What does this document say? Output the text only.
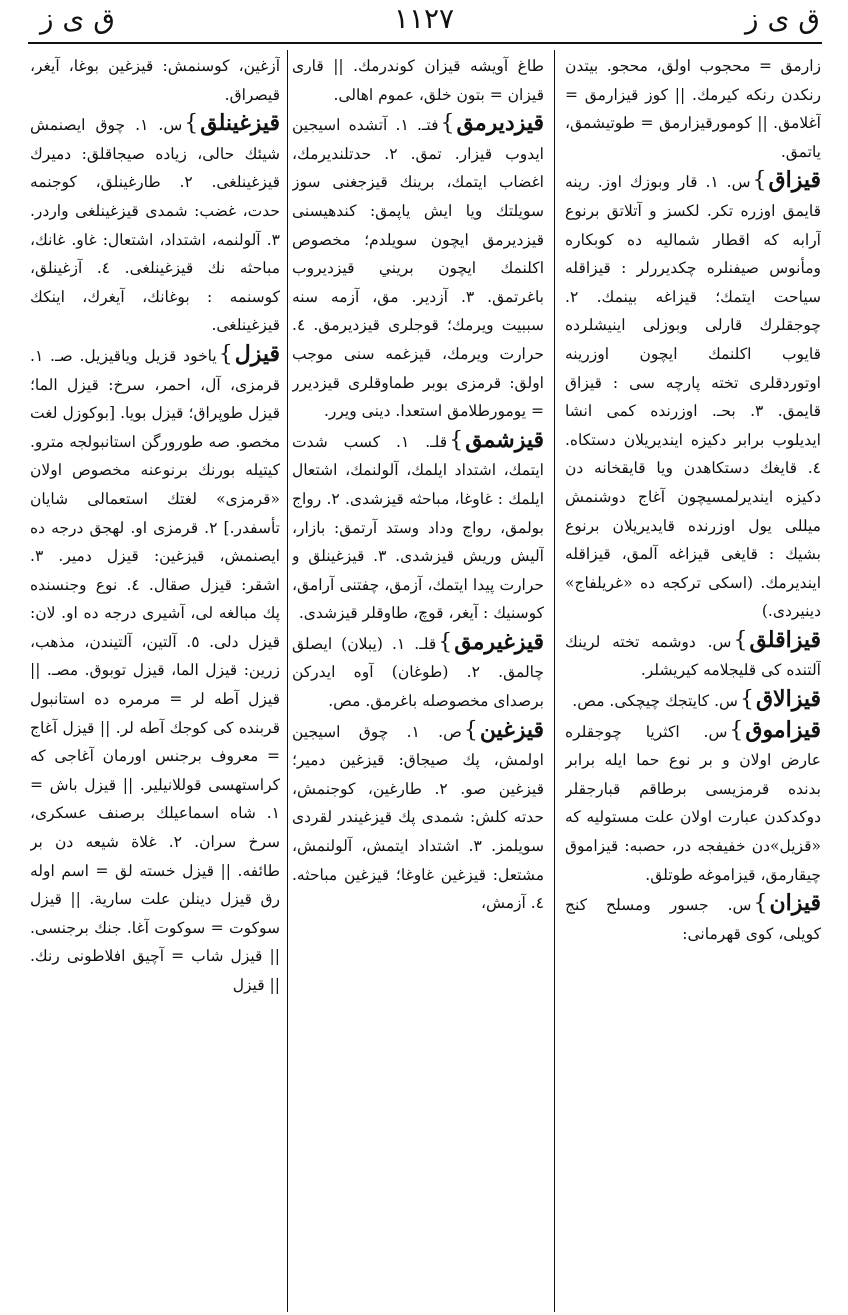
ق ى ز	١١٢٧	ق ى ز

زارمق = محجوب اولق، محجو. بيتدن رنكدن رنكه كيرمك. || كوز قيزارمق = آغلامق. || كومورقيزارمق = طوتيشمق، ياتمق.

قيزاق}س. ١. قار وبوزك اوز. رينه قايمق اوزره تكر. لكسز و آتلاتق برنوع آرابه كه اقطار شماليه ده كوبكاره ومأنوس صيفنلره چكديررلر : قيزاقله سياحت ايتمك؛ قيزاغه بينمك. ٢. چوجقلرك قارلى وبوزلى اينيشلرده قايوب اكلنمك ايچون اوزرينه اوتوردقلرى تخته پارچه سى : قيزاق قايمق. ٣. بحـ. اوزرنده كمى انشا ايديلوب برابر دكيزه اينديريلان دستكاه. ٤. قايغك دستكاهدن ويا قايقخانه دن دكيزه اينديرلمسيچون آغاج دوشنمش ميللى يول اوزرنده قايديريلان برنوع بشيك : قايغى قيزاغه آلمق، قيزاقله اينديرمك. (اسكى تركجه ده «غريلفاج» دينيردى.)

قيزاقلق}س. دوشمه تخته لرينك آلتنده كى قليجلامه كيريشلر.

قيزالاق}س. كايتجك چيچكى. مص.

قيزاموق}س. اكثريا چوجقلره عارض اولان و بر نوع حما ايله برابر بدنده قرمزيسى برطاقم قبارجقلر دوكدكدن عبارت اولان علت مستوليه كه «قزيل»دن خفيفجه در، حصبه: قيزاموق چيقارمق، قيزاموغه طوتلق.

قيزان}س. جسور ومسلح كنج كويلى، كوى قهرمانى:

طاغ آويشه قيزان كوندرمك. || قارى قيزان = بتون خلق، عموم اهالى.

قيزديرمق}فتـ. ١. آتشده اسيجين ايدوب قيزار. تمق. ٢. حدتلنديرمك، اغضاب ايتمك، برينك قيزجغنى سوز سويلتك ويا ايش ياپمق: كندهيسنى قيزديرمق ايچون سويلدم؛ مخصوص اكلنمك ايچون بريني قيزديروب باغرتمق. ٣. آزدير. مق، آزمه سنه سببيت ويرمك؛ قوجلرى قيزديرمق. ٤. حرارت ويرمك، قيزغمه سنى موجب اولق: قرمزى بوبر طماوقلرى قيزديرر = يومورطلامق استعدا. دينى ويرر.

قيزشمق}قلـ. ١. كسب شدت ايتمك، اشتداد ايلمك، آلولنمك، اشتعال ايلمك : غاوغا، مباحثه قيزشدى. ٢. رواج بولمق، رواج وداد وستد آرتمق: بازار، آليش وريش قيزشدى. ٣. قيزغينلق و حرارت پيدا ايتمك، آزمق، چفتنى آرامق، كوسنيك : آيغر، قوچ، طاوقلر قيزشدى.

قيزغيرمق}قلـ. ١. (يبلان) ايصلق چالمق. ٢. (طوغان) آوه ايدركن برصداى مخصوصله باغرمق. مص.

قيزغين}ص. ١. چوق اسيجين اولمش، پك صيجاق: قيزغين دمير؛ قيزغين صو. ٢. طارغين، كوجنمش، حدته كلش: شمدى پك قيزغيندر لقردى سويلمز. ٣. اشتداد ايتمش، آلولنمش، مشتعل: قيزغين غاوغا؛ قيزغين مباحثه. ٤. آزمش،

آزغين، كوسنمش: قيزغين بوغا، آيغر، قيصراق.

قيزغينلق}س. ١. چوق ايصنمش شيئك حالى، زياده صيجاقلق: دميرك قيزغينلغى. ٢. طارغينلق، كوجنمه حدت، غضب: شمدى قيزغينلغى واردر. ٣. آلولنمه، اشتداد، اشتعال: غاو. غانك، مباحثه نك قيزغينلغى. ٤. آزغينلق، كوسنمه : بوغانك، آيغرك، اينكك قيزغينلغى.

قيزل}ياخود قزيل وياقيزيل. صـ. ١. قرمزى، آل، احمر، سرخ: قيزل الما؛ قيزل طوپراق؛ قيزل بويا. [بوكوزل لغت مخصو. صه طورورگن استانبولجه مترو. كيتيله بورنك برنوعنه مخصوص اولان «قرمزى» لغتك استعمالى شايان تأسفدر.] ٢. قرمزى او. لهجق درجه ده ايصنمش، قيزغين: قيزل دمير. ٣. اشقر: قيزل صقال. ٤. نوع وجنسنده پك مبالغه لى، آشيرى درجه ده او. لان: قيزل دلى. ٥. آلتين، آلتيندن، مذهب، زرين: قيزل الما، قيزل توبوق. مصـ. || قيزل آطه لر = مرمره ده استانبول قربنده كى كوجك آطه لر. || قيزل آغاج = معروف برجنس اورمان آغاجى كه كراستهسى قوللانيلير. || قيزل باش = ١. شاه اسماعيلك برصنف عسكرى، سرخ سران. ٢. غلاة شيعه دن بر طائفه. || قيزل خسته لق = اسم اوله رق قيزل دينلن علت سارية. || قيزل سوكوت = سوكوت آغا. جنك برجنسى. || قيزل شاب = آچيق افلاطونى رنك. || قيزل
